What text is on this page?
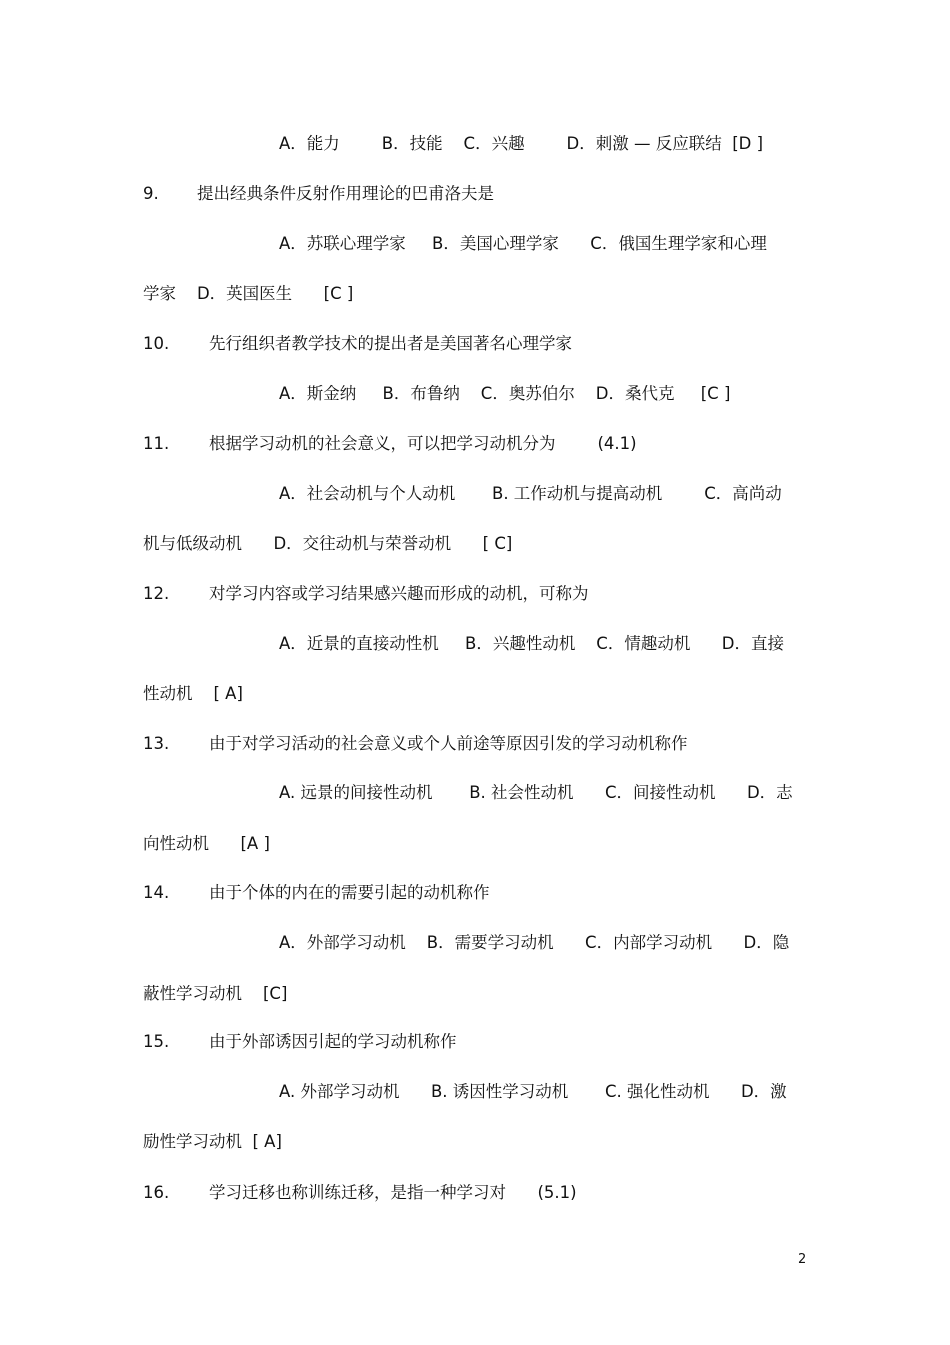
A．能力        B．技能    C．兴趣        D．刺激 — 反应联结  [D ]
9. 提出经典条件反射作用理论的巴甫洛夫是
A．苏联心理学家     B．美国心理学家      C．俄国生理学家和心理
学家    D．英国医生      [C ]
10. 先行组织者教学技术的提出者是美国著名心理学家
A．斯金纳     B．布鲁纳    C．奥苏伯尔    D．桑代克     [C ]
11. 根据学习动机的社会意义，可以把学习动机分为        (4.1)
A．社会动机与个人动机       B. 工作动机与提高动机        C．高尚动
机与低级动机      D．交往动机与荣誉动机      [ C]
12. 对学习内容或学习结果感兴趣而形成的动机，可称为
A．近景的直接动性机     B．兴趣性动机    C．情趣动机      D．直接
性动机    [ A]
13. 由于对学习活动的社会意义或个人前途等原因引发的学习动机称作
A. 远景的间接性动机       B. 社会性动机      C．间接性动机      D．志
向性动机      [A ]
14. 由于个体的内在的需要引起的动机称作
A．外部学习动机    B．需要学习动机      C．内部学习动机      D．隐
蔽性学习动机    [C]
15. 由于外部诱因引起的学习动机称作
A. 外部学习动机      B. 诱因性学习动机       C. 强化性动机      D．激
励性学习动机  [ A]
16. 学习迁移也称训练迁移，是指一种学习对      (5.1)
2
